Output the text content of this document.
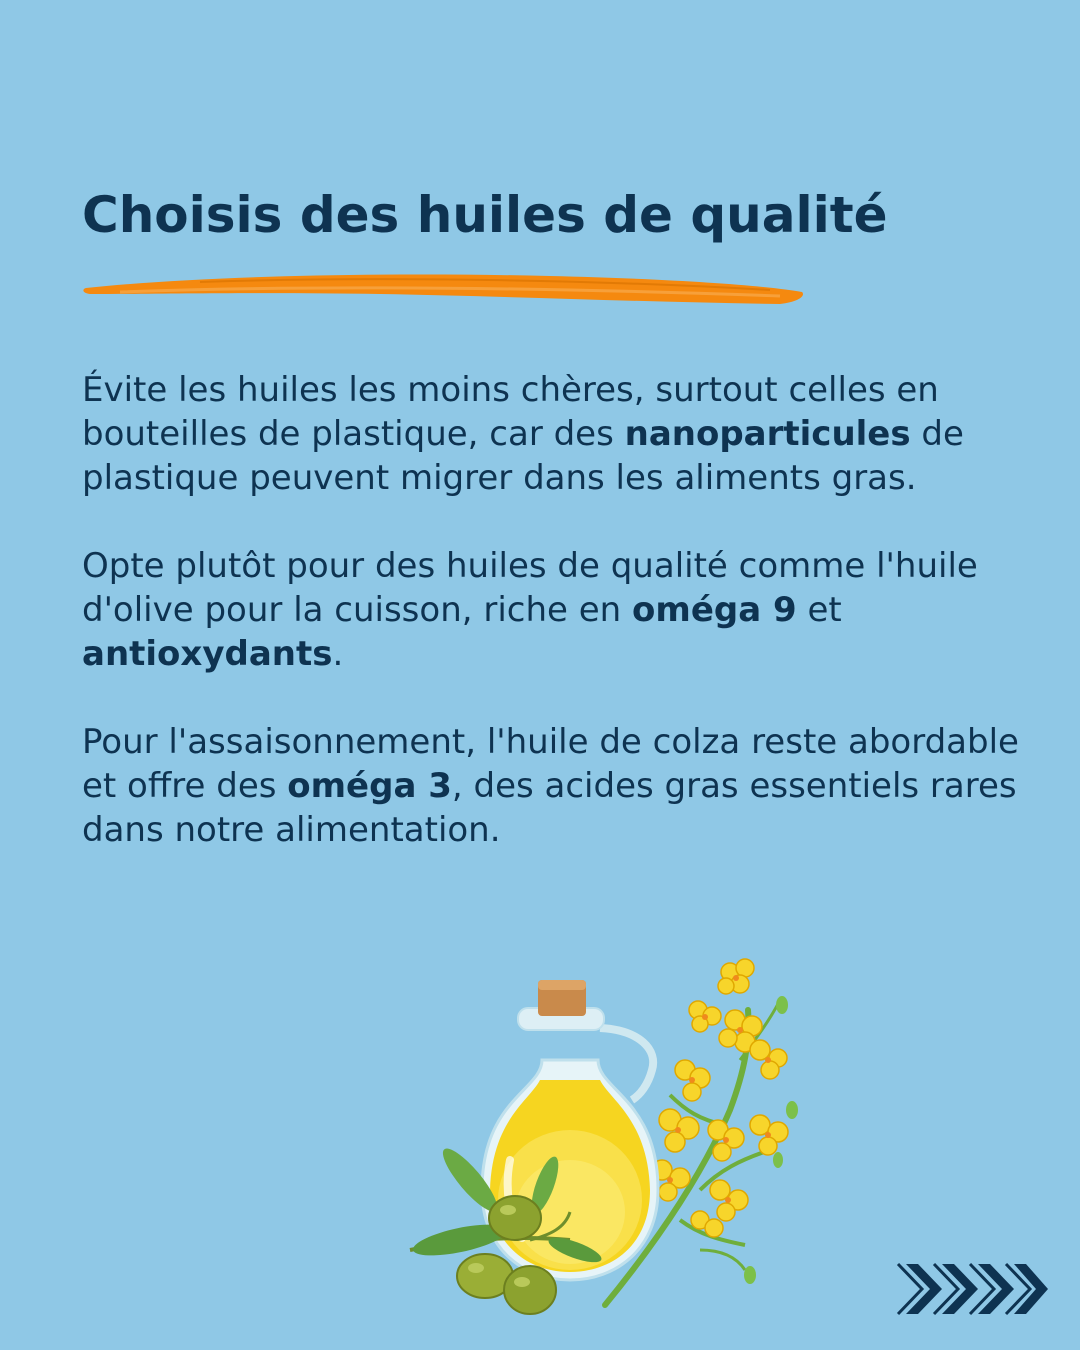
Choisis des huiles de qualité

Évite les huiles les moins chères, surtout celles en bouteilles de plastique, car des nanoparticules de plastique peuvent migrer dans les aliments gras.

Opte plutôt pour des huiles de qualité comme l'huile d'olive pour la cuisson, riche en oméga 9 et antioxydants.

Pour l'assaisonnement, l'huile de colza reste abordable et offre des oméga 3, des acides gras essentiels rares dans notre alimentation.
